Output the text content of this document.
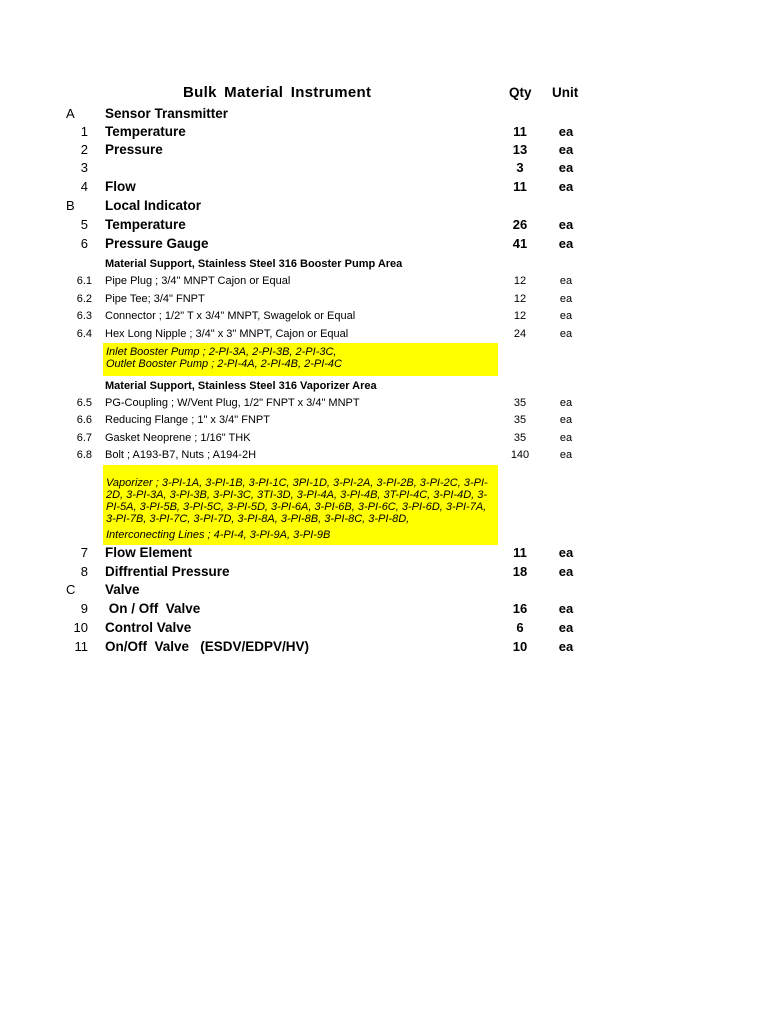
Bulk Material Instrument	Qty Unit
A Sensor Transmitter
1 Temperature	11	ea
2 Pressure	13	ea
3	3	ea
4 Flow	11	ea
B Local Indicator
5 Temperature	26	ea
6 Pressure Gauge	41	ea
Material Support, Stainless Steel 316 Booster Pump Area
6.1 Pipe Plug ; 3/4" MNPT Cajon or Equal	12	ea
6.2 Pipe Tee; 3/4" FNPT	12	ea
6.3 Connector ; 1/2" T x 3/4" MNPT, Swagelok or Equal	12	ea
6.4 Hex Long Nipple ; 3/4" x 3" MNPT, Cajon or Equal	24	ea
Inlet Booster Pump ; 2-PI-3A, 2-PI-3B, 2-PI-3C,
Outlet Booster Pump ; 2-PI-4A, 2-PI-4B, 2-PI-4C
Material Support, Stainless Steel 316 Vaporizer Area
6.5 PG-Coupling ; W/Vent Plug, 1/2" FNPT x 3/4" MNPT	35	ea
6.6 Reducing Flange ; 1" x 3/4" FNPT	35	ea
6.7 Gasket Neoprene ; 1/16" THK	35	ea
6.8 Bolt ; A193-B7, Nuts ; A194-2H	140	ea
Vaporizer ; 3-PI-1A, 3-PI-1B, 3-PI-1C, 3PI-1D, 3-PI-2A, 3-PI-2B, 3-PI-2C, 3-PI-
2D, 3-PI-3A, 3-PI-3B, 3-PI-3C, 3TI-3D, 3-PI-4A, 3-PI-4B, 3T-PI-4C, 3-PI-4D, 3-
PI-5A, 3-PI-5B, 3-PI-5C, 3-PI-5D, 3-PI-6A, 3-PI-6B, 3-PI-6C, 3-PI-6D, 3-PI-7A,
3-PI-7B, 3-PI-7C, 3-PI-7D, 3-PI-8A, 3-PI-8B, 3-PI-8C, 3-PI-8D,
Interconecting Lines ; 4-PI-4, 3-PI-9A, 3-PI-9B
7 Flow Element	11	ea
8 Diffrential Pressure	18	ea
C Valve
9 On / Off  Valve	16	ea
10 Control Valve	6	ea
11 On/Off  Valve   (ESDV/EDPV/HV)	10	ea
